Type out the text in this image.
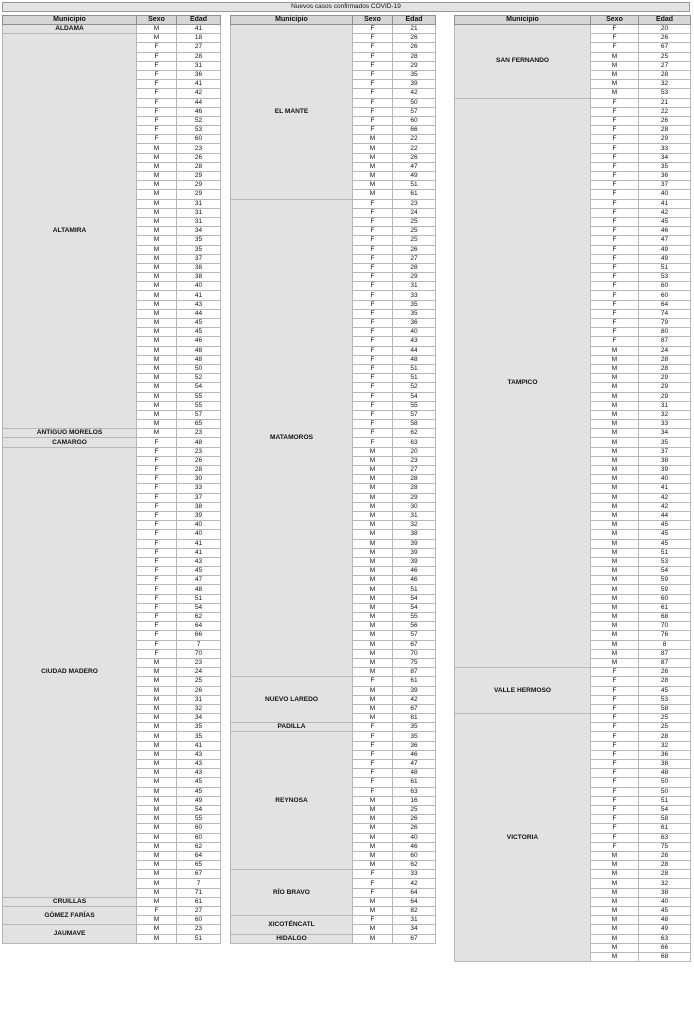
Nuevos casos confirmados COVID-19
Municipio	Sexo	Edad
ALDAMA	M	41
ALTAMIRA	M	18
	F	27
	F	28
	F	31
	F	36
	F	41
	F	42
	F	44
	F	46
	F	52
	F	53
	F	60
	M	23
	M	26
	M	28
	M	29
	M	29
	M	29
	M	31
	M	31
	M	31
	M	34
	M	35
	M	35
	M	37
	M	38
	M	38
	M	40
	M	41
	M	43
	M	44
	M	45
	M	45
	M	46
	M	48
	M	48
	M	50
	M	52
	M	54
	M	55
	M	55
	M	57
	M	65
ANTIGUO MORELOS	M	23
CAMARGO	F	48
CIUDAD MADERO	F	23
	F	26
	F	28
	F	30
	F	33
	F	37
	F	38
	F	39
	F	40
	F	40
	F	41
	F	41
	F	43
	F	45
	F	47
	F	48
	F	51
	F	54
	F	62
	F	64
	F	66
	F	7
	F	70
	M	23
	M	24
	M	25
	M	26
	M	31
	M	32
	M	34
	M	35
	M	35
	M	41
	M	43
	M	43
	M	43
	M	45
	M	45
	M	49
	M	54
	M	55
	M	60
	M	60
	M	62
	M	64
	M	65
	M	67
	M	7
	M	71
CRUILLAS	M	61
GÓMEZ FARÍAS	F	27
	M	60
JAUMAVE	M	23
	M	51
Municipio	Sexo	Edad
EL MANTE	F	21
	F	26
	F	26
	F	28
	F	29
	F	35
	F	39
	F	42
	F	50
	F	57
	F	60
	F	66
	M	22
	M	22
	M	26
	M	47
	M	49
	M	51
	M	61
MATAMOROS	F	23
	F	24
	F	25
	F	25
	F	25
	F	26
	F	27
	F	28
	F	29
	F	31
	F	33
	F	35
	F	35
	F	36
	F	40
	F	43
	F	44
	F	48
	F	51
	F	51
	F	52
	F	54
	F	55
	F	57
	F	58
	F	62
	F	63
	M	20
	M	23
	M	27
	M	28
	M	28
	M	29
	M	30
	M	31
	M	32
	M	38
	M	39
	M	39
	M	39
	M	46
	M	46
	M	51
	M	54
	M	54
	M	55
	M	56
	M	57
	M	67
	M	70
	M	75
	M	87
NUEVO LAREDO	F	61
	M	39
	M	42
	M	67
	M	81
PADILLA	F	35
REYNOSA	F	35
	F	36
	F	46
	F	47
	F	48
	F	61
	F	63
	M	16
	M	25
	M	26
	M	26
	M	40
	M	46
	M	60
	M	62
RÍO BRAVO	F	33
	F	42
	F	64
	M	64
	M	82
XICOTÉNCATL	F	31
	M	34
HIDALGO	M	67
Municipio	Sexo	Edad
SAN FERNANDO	F	20
	F	26
	F	67
	M	25
	M	27
	M	28
	M	32
	M	53
TAMPICO	F	21
	F	22
	F	26
	F	28
	F	29
	F	33
	F	34
	F	35
	F	36
	F	37
	F	40
	F	41
	F	42
	F	45
	F	46
	F	47
	F	49
	F	49
	F	51
	F	53
	F	60
	F	60
	F	64
	F	74
	F	79
	F	80
	F	87
	M	24
	M	28
	M	28
	M	29
	M	29
	M	29
	M	31
	M	32
	M	33
	M	34
	M	35
	M	37
	M	38
	M	39
	M	40
	M	41
	M	42
	M	42
	M	44
	M	45
	M	45
	M	45
	M	51
	M	53
	M	54
	M	59
	M	59
	M	60
	M	61
	M	68
	M	70
	M	76
	M	8
	M	87
	M	87
VALLE HERMOSO	F	26
	F	28
	F	45
	F	53
	F	58
VICTORIA	F	25
	F	25
	F	28
	F	32
	F	36
	F	38
	F	48
	F	50
	F	50
	F	51
	F	54
	F	58
	F	61
	F	63
	F	75
	M	26
	M	28
	M	28
	M	32
	M	38
	M	40
	M	45
	M	48
	M	49
	M	63
	M	66
	M	68
